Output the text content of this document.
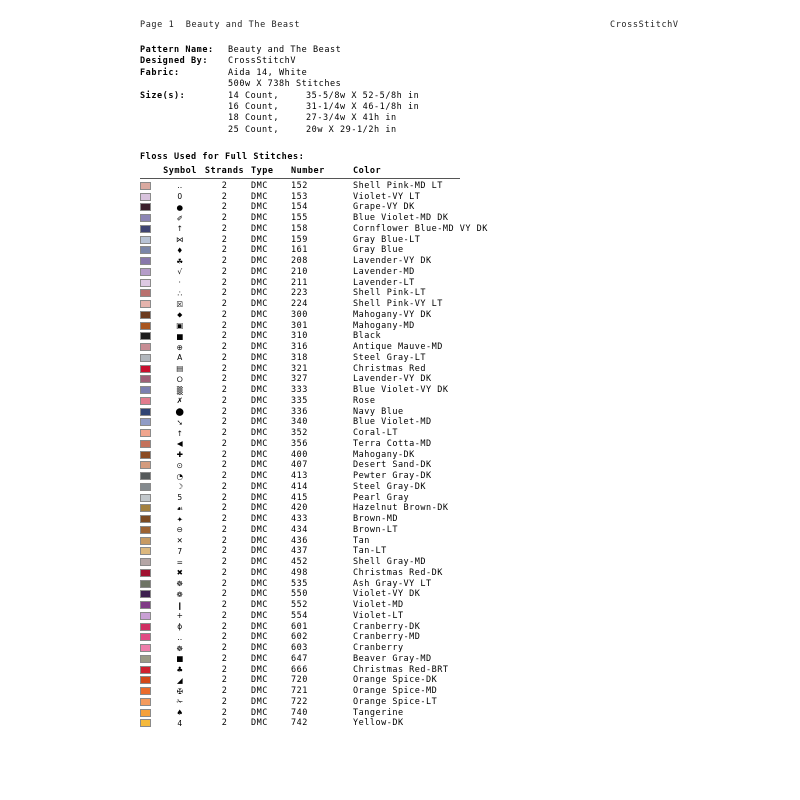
Page 1  Beauty and The Beast	CrossStitchV
Pattern Name:	Beauty and The Beast
Designed By:	CrossStitchV
Fabric:	Aida 14, White
500w X 738h Stitches
Size(s):	14 Count,	35-5/8w X 52-5/8h in
16 Count,	31-1/4w X 46-1/8h in
18 Count,	27-3/4w X 41h in
25 Count,	20w X 29-1/2h in
Floss Used for Full Stitches:
Symbol Strands Type	Number	Color
‥	2	DMC	152	Shell Pink-MD LT
0	2	DMC	153	Violet-VY LT
●	2	DMC	154	Grape-VY DK
✐	2	DMC	155	Blue Violet-MD DK
↑	2	DMC	158	Cornflower Blue-MD VY DK
⋈	2	DMC	159	Gray Blue-LT
♦	2	DMC	161	Gray Blue
☘	2	DMC	208	Lavender-VY DK
√	2	DMC	210	Lavender-MD
·	2	DMC	211	Lavender-LT
∴	2	DMC	223	Shell Pink-LT
☒	2	DMC	224	Shell Pink-VY LT
⬥	2	DMC	300	Mahogany-VY DK
▣	2	DMC	301	Mahogany-MD
■	2	DMC	310	Black
⊕	2	DMC	316	Antique Mauve-MD
A	2	DMC	318	Steel Gray-LT
▤	2	DMC	321	Christmas Red
⭘	2	DMC	327	Lavender-VY DK
▒	2	DMC	333	Blue Violet-VY DK
✗	2	DMC	335	Rose
⬤	2	DMC	336	Navy Blue
➘	2	DMC	340	Blue Violet-MD
↑	2	DMC	352	Coral-LT
◀	2	DMC	356	Terra Cotta-MD
✚	2	DMC	400	Mahogany-DK
⊙	2	DMC	407	Desert Sand-DK
◔	2	DMC	413	Pewter Gray-DK
☽	2	DMC	414	Steel Gray-DK
5	2	DMC	415	Pearl Gray
☙	2	DMC	420	Hazelnut Brown-DK
✦	2	DMC	433	Brown-MD
⊖	2	DMC	434	Brown-LT
✕	2	DMC	436	Tan
7	2	DMC	437	Tan-LT
=	2	DMC	452	Shell Gray-MD
✖	2	DMC	498	Christmas Red-DK
☸	2	DMC	535	Ash Gray-VY LT
❁	2	DMC	550	Violet-VY DK
❙	2	DMC	552	Violet-MD
+	2	DMC	554	Violet-LT
ϕ	2	DMC	601	Cranberry-DK
‥	2	DMC	602	Cranberry-MD
☸	2	DMC	603	Cranberry
■	2	DMC	647	Beaver Gray-MD
♣	2	DMC	666	Christmas Red-BRT
◢	2	DMC	720	Orange Spice-DK
✠	2	DMC	721	Orange Spice-MD
✁	2	DMC	722	Orange Spice-LT
♠	2	DMC	740	Tangerine
4	2	DMC	742	Yellow-DK
